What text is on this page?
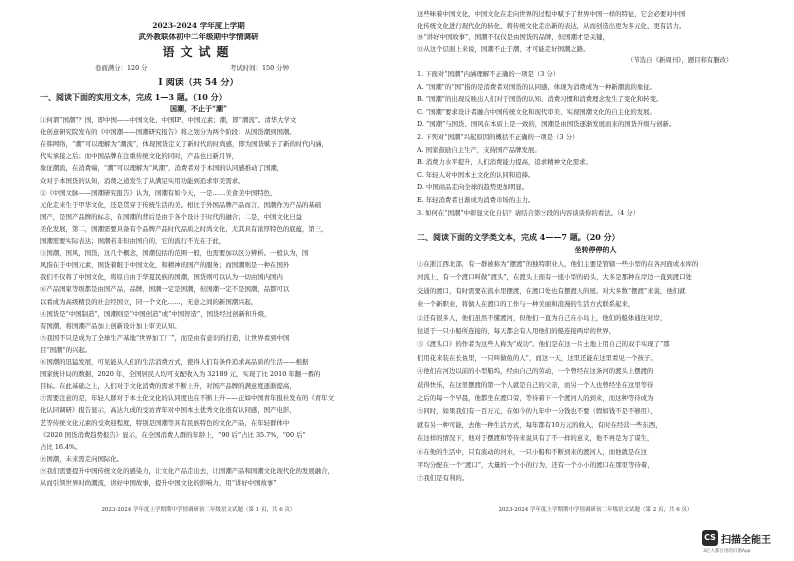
2023-2024 学年度上学期
武外教联体初中二年级期中学情调研
语文试题
卷面满分：120 分	考试时间：150 分钟
I 阅读（共 54 分）
一、阅读下面的实用文本，完成 1—3 题。（10 分）
国潮，不止于“潮”
①何谓“国潮”？国，即中国——中国文化、中国IP、中国元素；潮，即“潮流”。清华大学文
化创意研究院发布的《中国潮——国潮研究报告》将之划分为两个阶段：从国货潮到国潮。
在韩网络，“潮”可以理解为“潮流”，体现国货定义了新时代的时尚感，即为国货赋予了新的时代内涵，
代实承接之后；而中国品牌在注重传统文化的同时，产品也日新月异，
象征潮流，在消费端，“潮”可以理解为“风潮”，消费者对于本国的认同感推动了国潮，
众对于本国货的认知，消费之道发生了从满足实用功能到追求审美需求。
②《中国文脉——国潮研究报告》认为，国潮有如今天，一是……美食美中国特色，
元化走来生于甲华文化，还是贯穿于传统生活的美。相比于外国品牌产品而言，国潮作为产品的基础
国产，是国产品牌的标志，在国潮的背后是由于各个设计于时代的融合；二是，中国文化日益
美化发展，第二，国潮需要具备有个品牌产品时代品质之时尚文化，尤其具有浓厚特色的底蕴，第三，
国潮需要实际表达；国潮若非但由国自的，它的流行不光在于此，
③国潮，国风，国货，这几个概念，国潮包括的范围一般，也需要加以区分辨析。一般认为，国
风指在于中国元素，国货着眼于中国文化，和精神的国产的服务；而国潮则是一种在国外
我们不仅将了中国文化，将原自由于华夏民族的国潮，国货则可以认为一切由国内国内
⑥产品国家等级都是由国产品，品牌，国潮一定是国潮，但国潮一定不是国潮，品都可以
以看成为高级精良的社会经国立，同一个文化……，无意之间的新国潮兴起，
④国货是“中国制造”，国潮则是“中国创造”或“中国智造”，国货经过创新和升级，
有国潮，将国潮产品加上创新设计加上审美认知。
⑤我国不只是成为了全球生产基地“世界加工厂”，而是由有意识的打造，让世界看到中国
目“国潮”的兴起。
⑥国潮的迅猛发展，可见能从人们的生活消费方式，使得人们有条件追求高品质的生活——根据
国家统计局的数据，2020 年，全国居民人均可支配收入为 32189 元，实现了比 2010 年翻一番的
目标。在此基础之上，人们对于文化消费的需求不断上升，对国产品牌的满意度逐渐提高，
⑦需要注意的是，年轻人群对于本土化文化的认同度也在不断上升——正如中国青年报社发布的《青年文
化认同调研》报告显示，高达九成的受访青年对中国本土优秀文化很有认同感，国产电影，
艺等传统文化元素的受欢迎程度，特别是国潮等具有民族特色的文化产品，在年轻群体中
《2020 国货消费趋势报告》显示，在全国消费人群的年龄上，“90 后”占比 35.7%，“00 后”
占比 16.4%。
⑧国潮，未来需走向国际化。
⑨我们需要提升中国传统文化的感染力，让文化产品走出去，让国潮产品和国潮文化现代化的发展融合，
从而引领世界时尚潮流，讲好中国故事，提升中国文化的影响力，用“讲好中国故事”
2023-2024 学年度上学期期中学情调研初二年级语文试题（第 1 页，共 6 页）
这些味着中国文化，中国文化在走向世界的过程中赋予了世界中国一样的特征，它会必要对中国
化传统文化进行现代化的转化，将传统文化走出新的表达，从而创造出更为多元化、更有活力。
⑩“讲好中国故事”，国潮不仅仅是由国货的品牌，但国潮才是关键，
⑪从这个层面上来说，国潮不止于潮，才可能走好国潮之路。
（节选自《新周刊》，题目和有删改）
1. 下面对“国潮”内涵理解不正确的一项是（3 分）
A. “国潮”的“国”指的是消费者对国货的认同感，体现为消费成为一种新潮流的象征。
B. “国潮”的出现反映出人们对于国货的认知、消费习惯和消费理念发生了变化和转变。
C. “国潮”要求设计者融合中国传统文化和现代审美、实现国潮文化的自主化的发展。
D. “国潮”与国货、国风在本质上是一致的，国潮是由国货逐渐发展而来的国货升级与创新。
2. 下列对“国潮”兴起原因的概括不正确的一项是（3 分）
A. 国家鼓励自主生产，支持国产品牌发展。
B. 消费力水平提升，人们消费能力提高，追求精神文化需求。
C. 年轻人对中国本土文化的认同和追捧。
D. 中国商品走向全球的趋势更加明显。
E. 年轻消费者日渐成为消费市场的主力。
3. 如何在“国潮”中彰显文化自信？请结合第⑨段的内容谈谈你的看法。（4 分）
二、阅读下面的文学类文本，完成 4——7 题。（20 分）
坐转停停的人
①在浙江西北部，有一群被称为“摆渡”的独特职业人，他们主要是管辖一些小型的在各河面或水库的
河流上，有一个渡口叫做“渡头”，在渡头上面有一座小型的码头，大多是那种在岸边一直到渡口处
交通的渡口，有时需要在流水里摆渡，在渡口处也有摆渡人的屋。对大多数“摆渡”来说，他们就
业一个新职业，将做人在渡口的工作与一种美丽和浪漫的生活方式联系起来，
②还有很多人，他们虽然不懂渡河，但他们一直为自己在小岛上，他们的船体通往对岸，
往返于一只小船所连接的，每天都会有人用他们的船连接两岸的世界，
③《渡头口》的作者为这些人称为“成功”。他们是在这一片土地上用自己的双手实现了“那
们用花来装在长鱼里，一只叫做鱼的人”，而这一天，这里还能在这里看见一个孩子。
④他们在河边以前的小型船坞，经由自己的劳动，一个曾经在这条河的渡头上摆渡的
获得快乐，在这里摆渡的第一个人就是自己的父亲，而另一个人也曾经坐在这里等待
之后的每一个早晨，他都坐在渡口旁，等待着下一个渡河人的到来，而这种等待成为
⑤同时，如果我们有一百万元，在如今的九年中一分钱也不要（假如钱不是不够用），
就有另一种可能，去他一种生活方式，每年都有10万元的收入，有时在经营一些东西，
在这样的情况下，他对于摆渡和等待来说具有了不一样的意义，他不再是为了谋生，
⑥在他的生活中，只有流动的河水，一只小船和不断到来的渡河人，而他就是在这
平均分配在一个“渡口”，大量的一个小的行为，还有一个小小的渡口在那里等待着，
⑦我们是有利的。
2023-2024 学年度上学期期中学情调研初二年级语文试题（第 2 页，共 6 页）
CS 扫描全能王
3亿人都在用的扫描App
